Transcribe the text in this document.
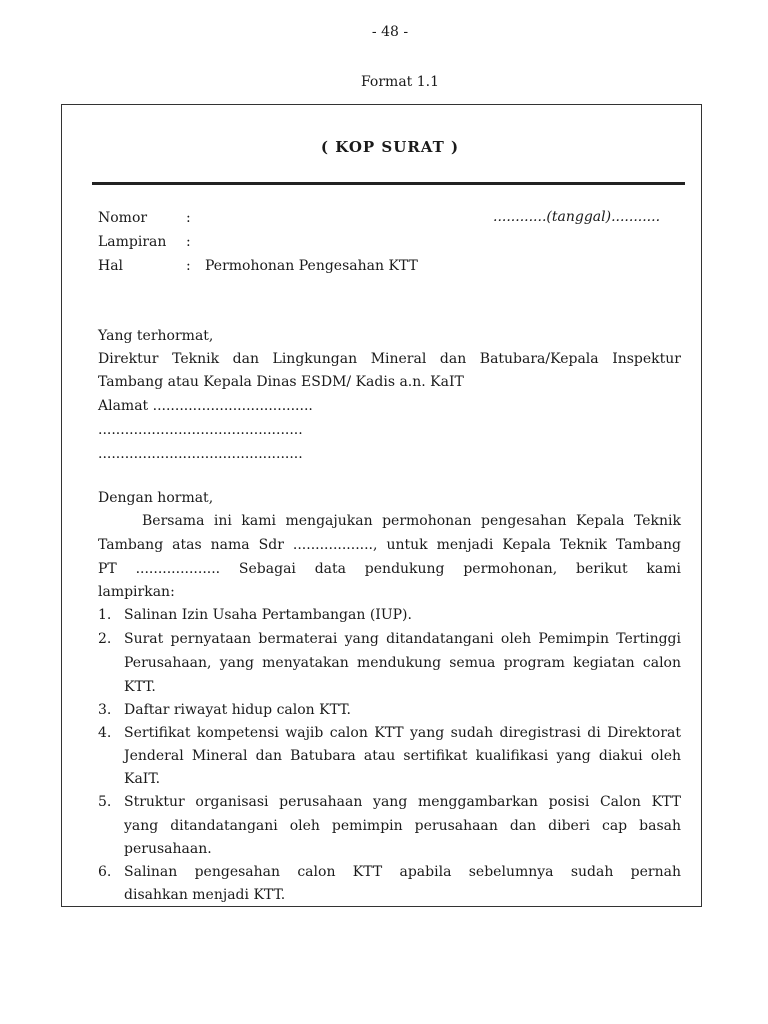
- 48 -
Format 1.1
( KOP SURAT )
Nomor	:
Lampiran :
Hal	: Permohonan Pengesahan KTT
............(tanggal)...........
Yang terhormat,
Direktur Teknik dan Lingkungan Mineral dan Batubara/Kepala Inspektur
Tambang atau Kepala Dinas ESDM/ Kadis a.n. KaIT
Alamat ....................................
..............................................
..............................................
Dengan hormat,
Bersama ini kami mengajukan permohonan pengesahan Kepala Teknik
Tambang atas nama Sdr .................., untuk menjadi Kepala Teknik Tambang
PT ................... Sebagai data pendukung permohonan, berikut kami
lampirkan:
1. Salinan Izin Usaha Pertambangan (IUP).
2. Surat pernyataan bermaterai yang ditandatangani oleh Pemimpin Tertinggi
Perusahaan, yang menyatakan mendukung semua program kegiatan calon
KTT.
3. Daftar riwayat hidup calon KTT.
4. Sertifikat kompetensi wajib calon KTT yang sudah diregistrasi di Direktorat
Jenderal Mineral dan Batubara atau sertifikat kualifikasi yang diakui oleh
KaIT.
5. Struktur organisasi perusahaan yang menggambarkan posisi Calon KTT
yang ditandatangani oleh pemimpin perusahaan dan diberi cap basah
perusahaan.
6. Salinan pengesahan calon KTT apabila sebelumnya sudah pernah
disahkan menjadi KTT.
